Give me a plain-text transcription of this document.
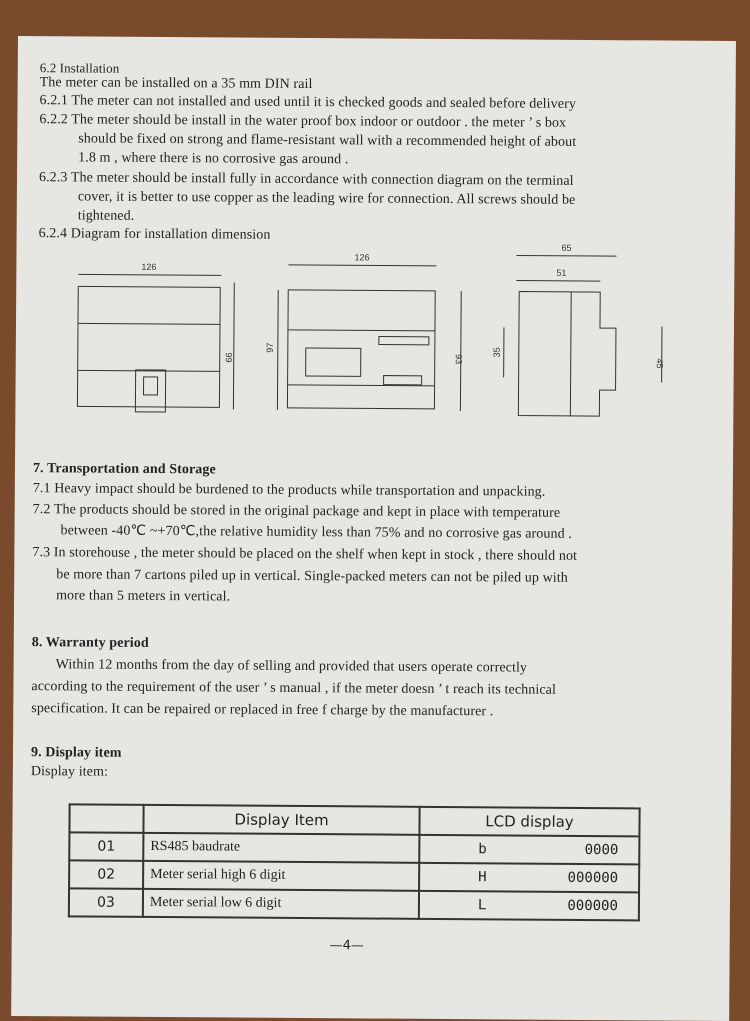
6.2 Installation
The meter can be installed on a 35 mm DIN rail
6.2.1 The meter can not installed and used until it is checked goods and sealed before delivery
6.2.2 The meter should be install in the water proof box indoor or outdoor . the meter ’ s box
should be fixed on strong and flame-resistant wall with a recommended height of about
1.8 m , where there is no corrosive gas around .
6.2.3 The meter should be install fully in accordance with connection diagram on the terminal
cover, it is better to use copper as the leading wire for connection. All screws should be
tightened.
6.2.4 Diagram for installation dimension
126
99
126
97
93
65
51
35
45
7. Transportation and Storage
7.1 Heavy impact should be burdened to the products while transportation and unpacking.
7.2 The products should be stored in the original package and kept in place with temperature
between -40℃ ~+70℃,the relative humidity less than 75% and no corrosive gas around .
7.3 In storehouse , the meter should be placed on the shelf when kept in stock , there should not
be more than 7 cartons piled up in vertical. Single-packed meters can not be piled up with
more than 5 meters in vertical.
8. Warranty period
Within 12 months from the day of selling and provided that users operate correctly
according to the requirement of the user ’ s manual , if the meter doesn ’ t reach its technical
specification. It can be repaired or replaced in free f charge by the manufacturer .
9. Display item
Display item:
	Display Item	LCD display
01	RS485 baudrate	b 0000
02	Meter serial high 6 digit	H 000000
03	Meter serial low 6 digit	L 000000
—4—
